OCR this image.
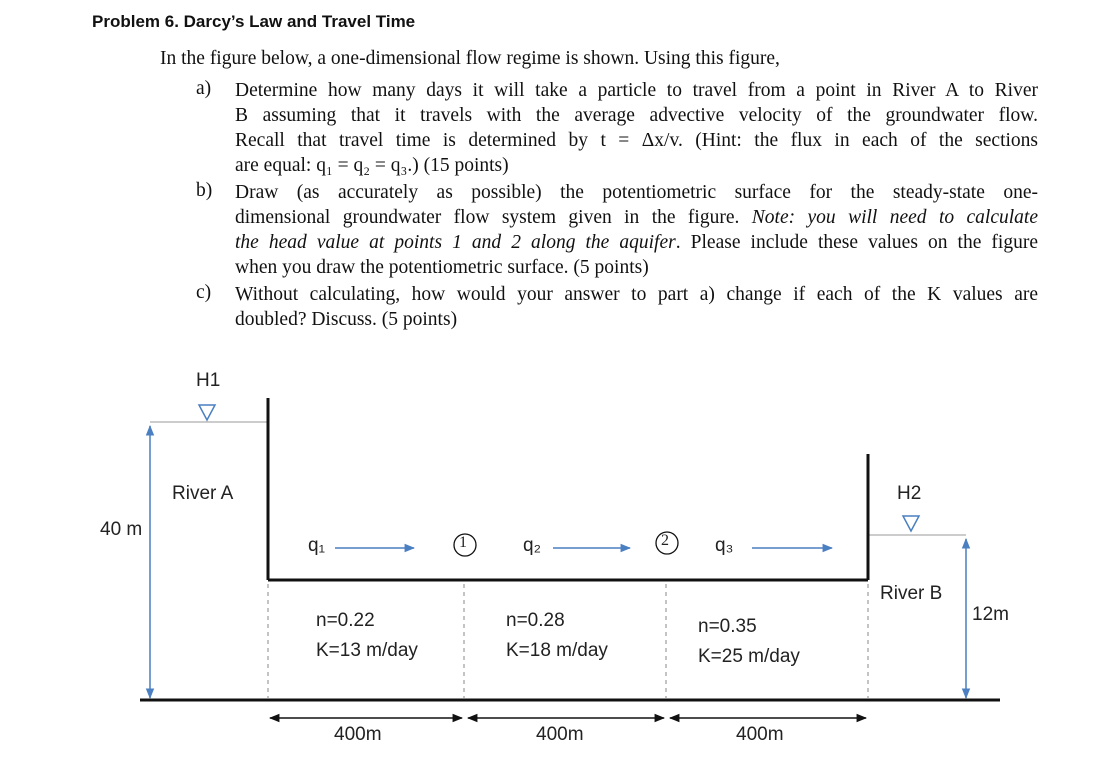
Problem 6. Darcy’s Law and Travel Time
In the figure below, a one-dimensional flow regime is shown. Using this figure,
a) Determine how many days it will take a particle to travel from a point in River A to River
B assuming that it travels with the average advective velocity of the groundwater flow.
Recall that travel time is determined by t = Δx/v. (Hint: the flux in each of the sections
are equal: q₁ = q₂ = q₃.) (15 points)
b) Draw (as accurately as possible) the potentiometric surface for the steady-state one-
dimensional groundwater flow system given in the figure. Note: you will need to calculate
the head value at points 1 and 2 along the aquifer. Please include these values on the figure
when you draw the potentiometric surface. (5 points)
c) Without calculating, how would your answer to part a) change if each of the K values are
doubled? Discuss. (5 points)
H1
River A
40 m
H2
River B
12m
q₁	q₂	q₃
1	2
n=0.22
K=13 m/day
n=0.28
K=18 m/day
n=0.35
K=25 m/day
400m	400m	400m
